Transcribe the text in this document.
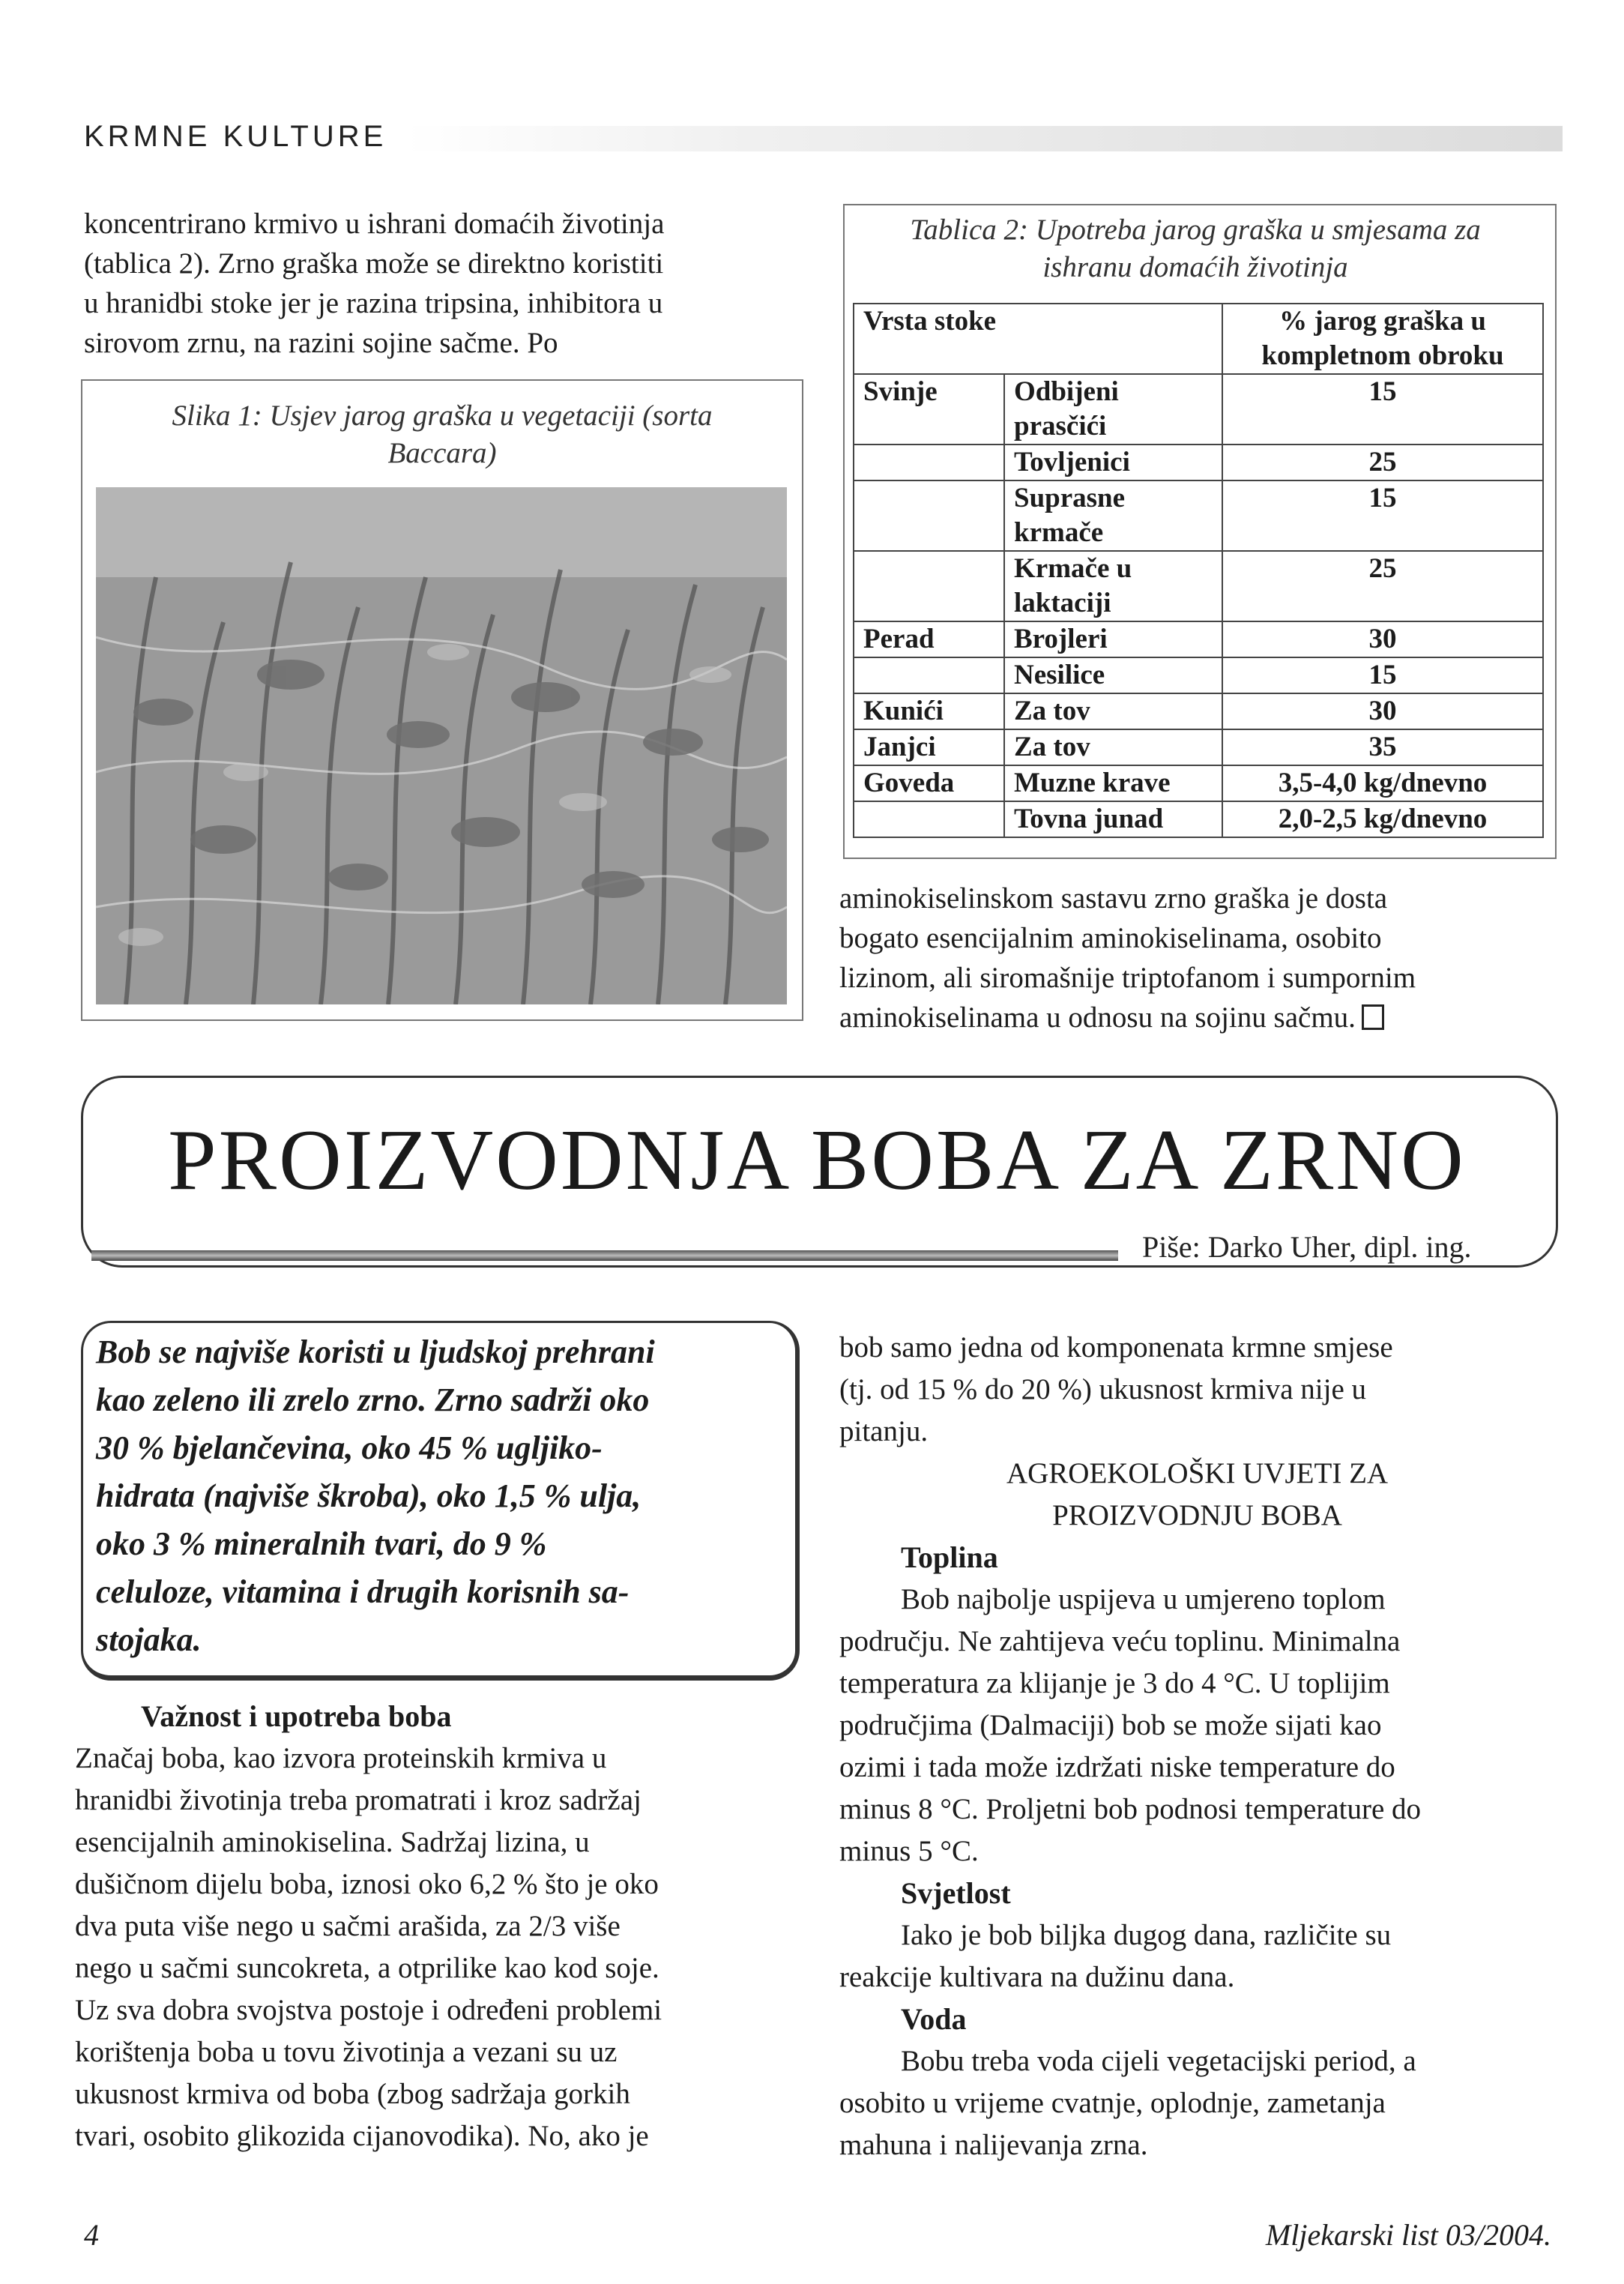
KRMNE KULTURE

koncentrirano krmivo u ishrani domaćih životinja

(tablica 2). Zrno graška može se direktno koristiti

u hranidbi stoke jer je razina tripsina, inhibitora u

sirovom zrnu, na razini sojine sačme. Po

Slika 1: Usjev jarog graška u vegetaciji (sorta
Baccara)
Tablica 2: Upotreba jarog graška u smjesama za
ishranu domaćih životinja
Vrsta stoke		% jarog graška u kompletnom obroku
Svinje	Odbijeni prasčići	15
	Tovljenici	25
	Suprasne krmače	15
	Krmače u laktaciji	25
Perad	Brojleri	30
	Nesilice	15
Kunići	Za tov	30
Janjci	Za tov	35
Goveda	Muzne krave	3,5-4,0 kg/dnevno
	Tovna junad	2,0-2,5 kg/dnevno

aminokiselinskom sastavu zrno graška je dosta

bogato esencijalnim aminokiselinama, osobito

lizinom, ali siromašnije triptofanom i sumpornim

aminokiselinama u odnosu na sojinu sačmu.

PROIZVODNJA BOBA ZA ZRNO
Piše: Darko Uher, dipl. ing.
Bob se najviše koristi u ljudskoj prehrani
kao zeleno ili zrelo zrno. Zrno sadrži oko
30 % bjelančevina, oko 45 % ugljiko-
hidrata (najviše škroba), oko 1,5 % ulja,
oko 3 % mineralnih tvari, do 9 %
celuloze, vitamina i drugih korisnih sa-
stojaka.

Važnost i upotreba boba

Značaj boba, kao izvora proteinskih krmiva u

hranidbi životinja treba promatrati i kroz sadržaj

esencijalnih aminokiselina. Sadržaj lizina, u

dušičnom dijelu boba, iznosi oko 6,2 % što je oko

dva puta više nego u sačmi arašida, za 2/3 više

nego u sačmi suncokreta, a otprilike kao kod soje.

Uz sva dobra svojstva postoje i određeni problemi

korištenja boba u tovu životinja a vezani su uz

ukusnost krmiva od boba (zbog sadržaja gorkih

tvari, osobito glikozida cijanovodika). No, ako je

bob samo jedna od komponenata krmne smjese

(tj. od 15 % do 20 %) ukusnost krmiva nije u

pitanju.

AGROEKOLOŠKI UVJETI ZA

PROIZVODNJU BOBA

Toplina

Bob najbolje uspijeva u umjereno toplom

području. Ne zahtijeva veću toplinu. Minimalna

temperatura za klijanje je 3 do 4 °C. U toplijim

područjima (Dalmaciji) bob se može sijati kao

ozimi i tada može izdržati niske temperature do

minus 8 °C. Proljetni bob podnosi temperature do

minus 5 °C.

Svjetlost

Iako je bob biljka dugog dana, različite su

reakcije kultivara na dužinu dana.

Voda

Bobu treba voda cijeli vegetacijski period, a

osobito u vrijeme cvatnje, oplodnje, zametanja

mahuna i nalijevanja zrna.

4	Mljekarski list 03/2004.
